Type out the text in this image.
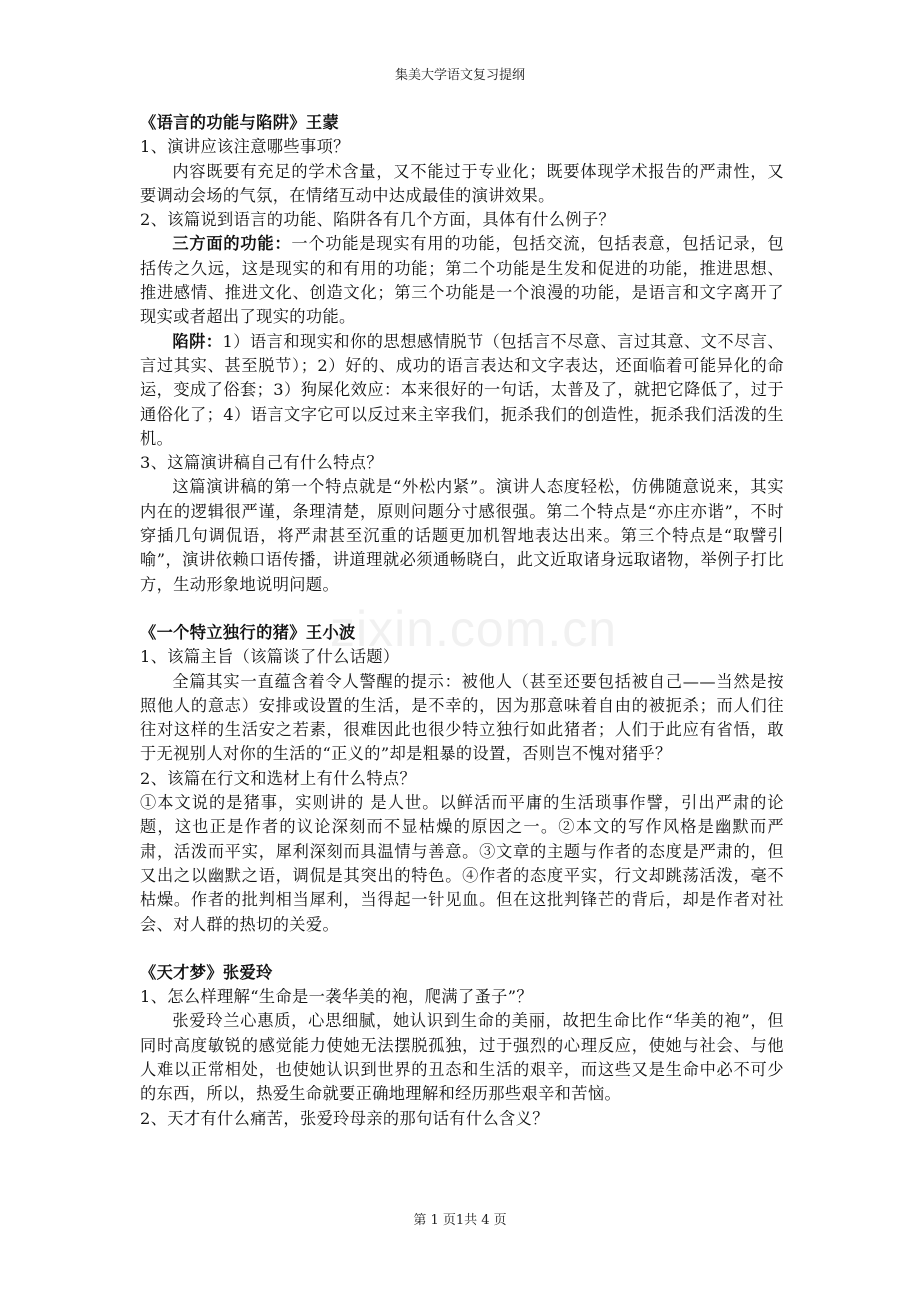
集美大学语文复习提纲
zixin.com.cn

《语言的功能与陷阱》王蒙

1、演讲应该注意哪些事项？

内容既要有充足的学术含量，又不能过于专业化；既要体现学术报告的严肃性，又要调动会场的气氛，在情绪互动中达成最佳的演讲效果。

2、该篇说到语言的功能、陷阱各有几个方面，具体有什么例子？

三方面的功能：一个功能是现实有用的功能，包括交流，包括表意，包括记录，包括传之久远，这是现实的和有用的功能；第二个功能是生发和促进的功能，推进思想、推进感情、推进文化、创造文化；第三个功能是一个浪漫的功能，是语言和文字离开了现实或者超出了现实的功能。

陷阱：1）语言和现实和你的思想感情脱节（包括言不尽意、言过其意、文不尽言、言过其实、甚至脱节）；2）好的、成功的语言表达和文字表达，还面临着可能异化的命运，变成了俗套；3）狗屎化效应：本来很好的一句话，太普及了，就把它降低了，过于通俗化了；4）语言文字它可以反过来主宰我们，扼杀我们的创造性，扼杀我们活泼的生机。

3、这篇演讲稿自己有什么特点？

这篇演讲稿的第一个特点就是“外松内紧”。演讲人态度轻松，仿佛随意说来，其实内在的逻辑很严谨，条理清楚，原则问题分寸感很强。第二个特点是“亦庄亦谐”，不时穿插几句调侃语，将严肃甚至沉重的话题更加机智地表达出来。第三个特点是“取譬引喻”，演讲依赖口语传播，讲道理就必须通畅晓白，此文近取诸身远取诸物，举例子打比方，生动形象地说明问题。

《一个特立独行的猪》王小波

1、该篇主旨（该篇谈了什么话题）

全篇其实一直蕴含着令人警醒的提示：被他人（甚至还要包括被自己——当然是按照他人的意志）安排或设置的生活，是不幸的，因为那意味着自由的被扼杀；而人们往往对这样的生活安之若素，很难因此也很少特立独行如此猪者；人们于此应有省悟，敢于无视别人对你的生活的“正义的”却是粗暴的设置，否则岂不愧对猪乎？

2、该篇在行文和选材上有什么特点？

①本文说的是猪事，实则讲的 是人世。以鲜活而平庸的生活琐事作譬，引出严肃的论题，这也正是作者的议论深刻而不显枯燥的原因之一。②本文的写作风格是幽默而严肃，活泼而平实，犀利深刻而具温情与善意。③文章的主题与作者的态度是严肃的，但又出之以幽默之语，调侃是其突出的特色。④作者的态度平实，行文却跳荡活泼，毫不枯燥。作者的批判相当犀利，当得起一针见血。但在这批判锋芒的背后，却是作者对社会、对人群的热切的关爱。

《天才梦》张爱玲

1、怎么样理解“生命是一袭华美的袍，爬满了蚤子”？

张爱玲兰心惠质，心思细腻，她认识到生命的美丽，故把生命比作“华美的袍”，但同时高度敏锐的感觉能力使她无法摆脱孤独，过于强烈的心理反应，使她与社会、与他人难以正常相处，也使她认识到世界的丑态和生活的艰辛，而这些又是生命中必不可少的东西，所以，热爱生命就要正确地理解和经历那些艰辛和苦恼。

2、天才有什么痛苦，张爱玲母亲的那句话有什么含义？

第 1 页1共 4 页
